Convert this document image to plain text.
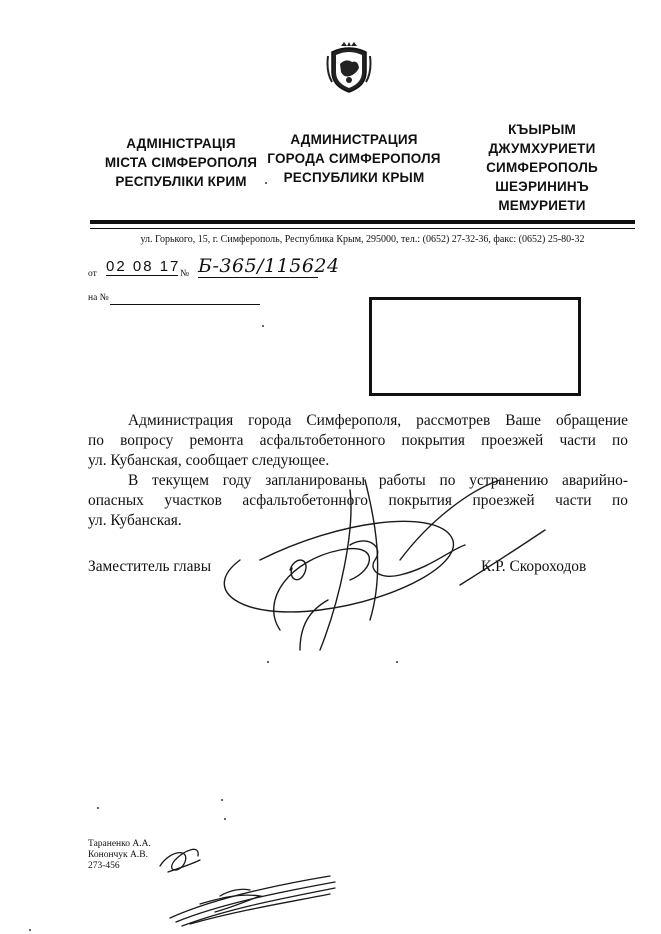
АДМІНІСТРАЦІЯ
МІСТА СІМФЕРОПОЛЯ
РЕСПУБЛІКИ КРИМ
АДМИНИСТРАЦИЯ
ГОРОДА СИМФЕРОПОЛЯ
РЕСПУБЛИКИ КРЫМ
КЪЫРЫМ
ДЖУМХУРИЕТИ
СИМФЕРОПОЛЬ
ШЕЭРИНИНЪ
МЕМУРИЕТИ
ул. Горького, 15, г. Симферополь, Республика Крым, 295000, тел.: (0652) 27-32-36, факс: (0652) 25-80-32
от 02 08 17 № Б-365/115624
на №
Администрация города Симферополя, рассмотрев Ваше обращение
по вопросу ремонта асфальтобетонного покрытия проезжей части по
ул. Кубанская, сообщает следующее.
В текущем году запланированы работы по устранению аварийно-
опасных участков асфальтобетонного покрытия проезжей части по
ул. Кубанская.
Заместитель главы	К.Р. Скороходов
Тараненко А.А.
Конончук А.В.
273-456
